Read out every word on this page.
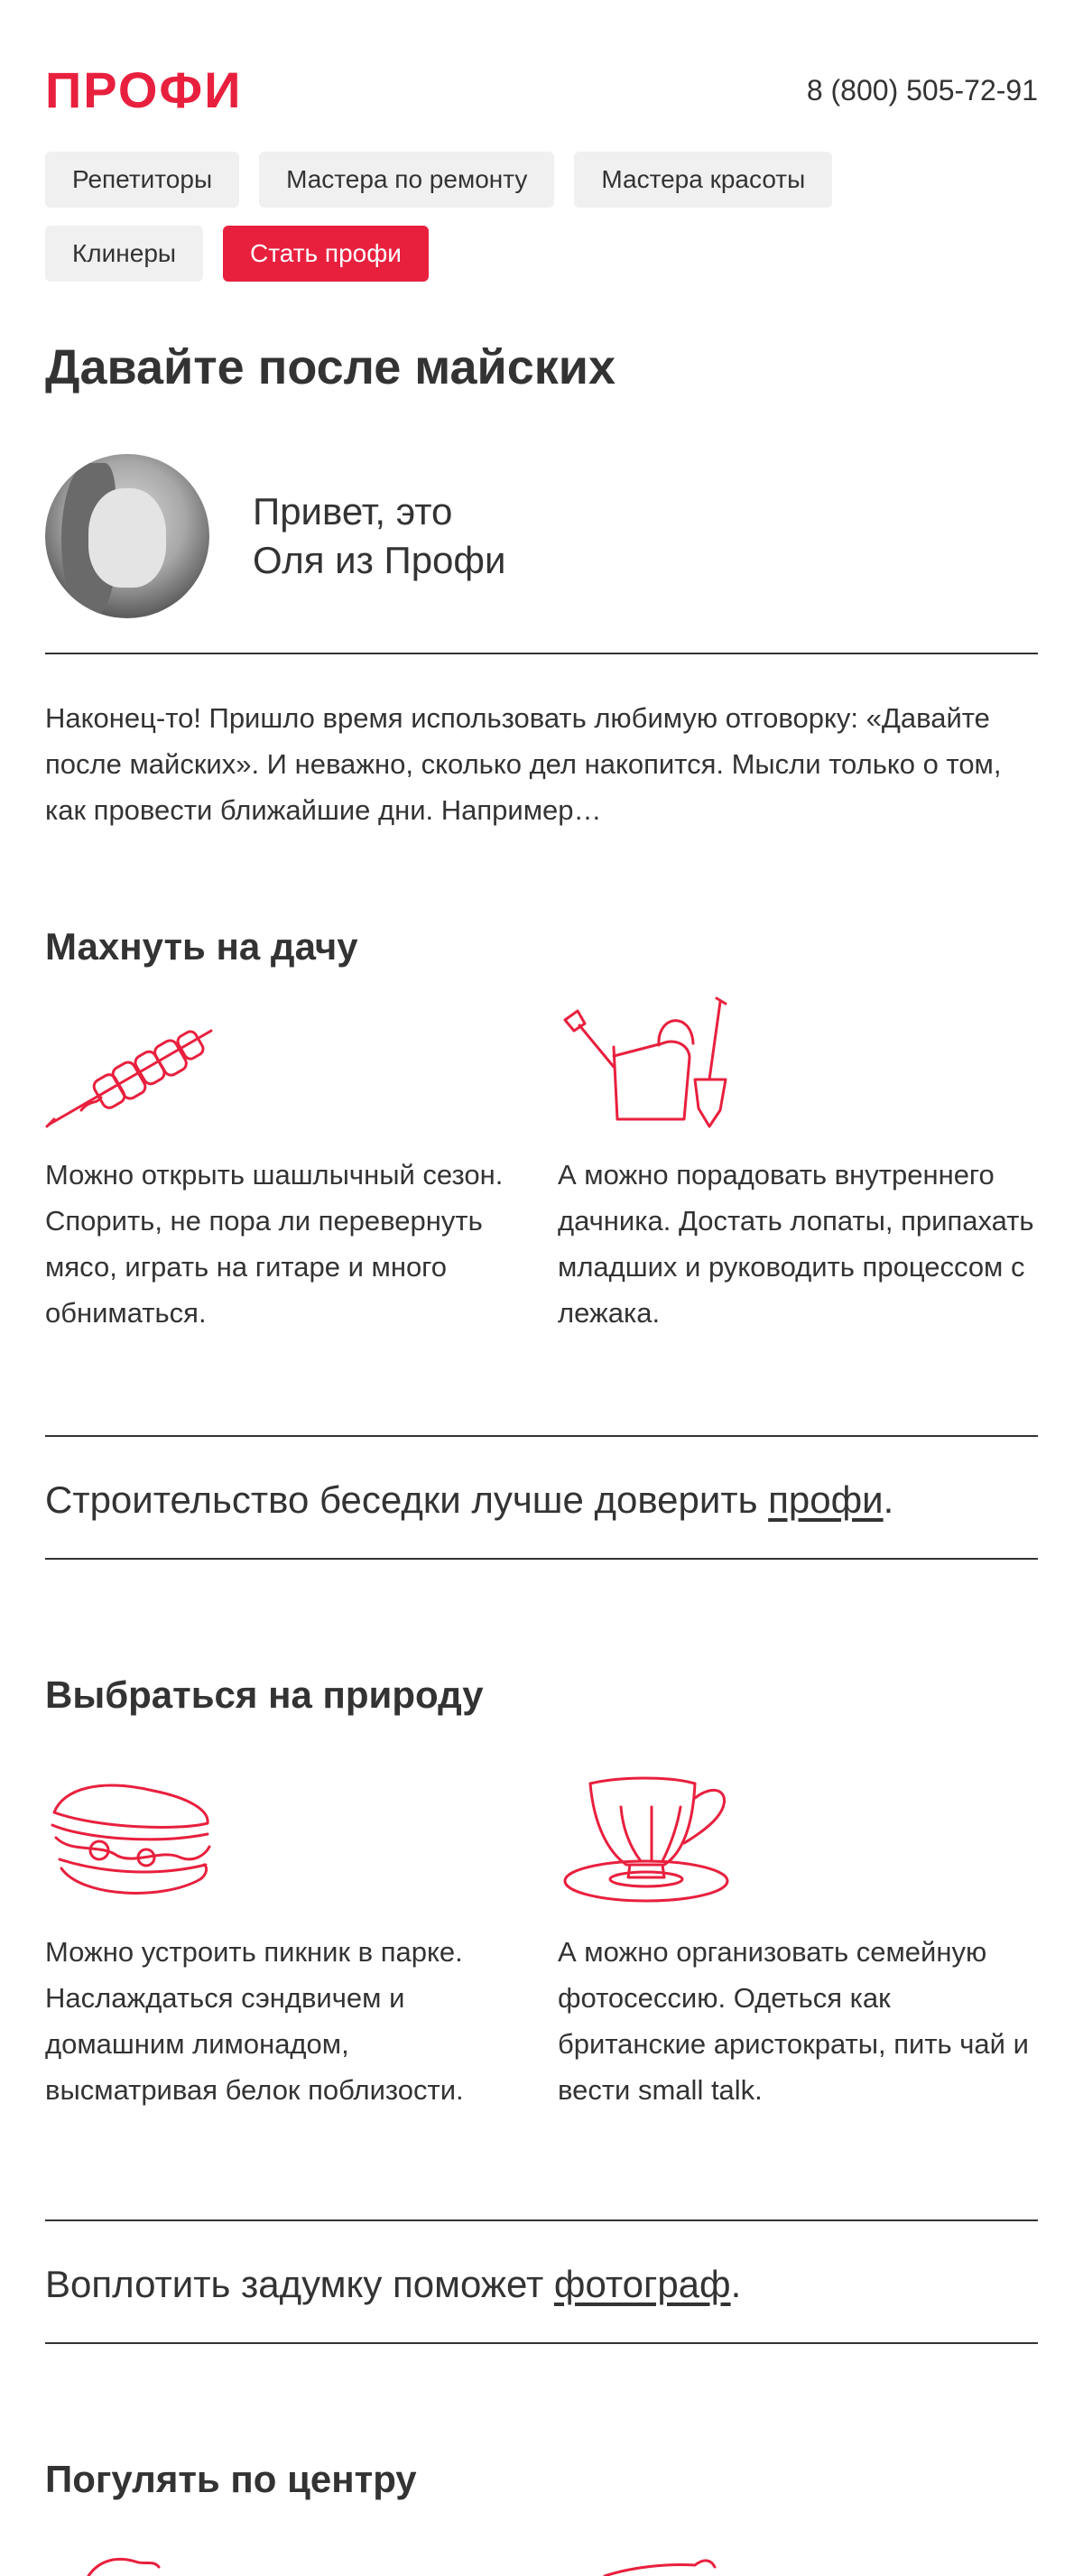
ПРОФИ	8 (800) 505-72-91
Репетиторы	Мастера по ремонту	Мастера красоты
Клинеры	Стать профи
Давайте после майских
Привет, это
Оля из Профи

Наконец-то! Пришло время использовать любимую отговорку: «Давайте после майских». И неважно, сколько дел накопится. Мысли только о том, как провести ближайшие дни. Например…

Махнуть на дачу

Можно открыть шашлычный сезон. Спорить, не пора ли перевернуть мясо, играть на гитаре и много обниматься.

А можно порадовать внутреннего дачника. Достать лопаты, припахать младших и руководить процессом с лежака.

Строительство беседки лучше доверить профи.

Выбраться на природу

Можно устроить пикник в парке. Наслаждаться сэндвичем и домашним лимонадом, высматривая белок поблизости.

А можно организовать семейную фотосессию. Одеться как британские аристократы, пить чай и вести small talk.

Воплотить задумку поможет фотограф.

Погулять по центру
